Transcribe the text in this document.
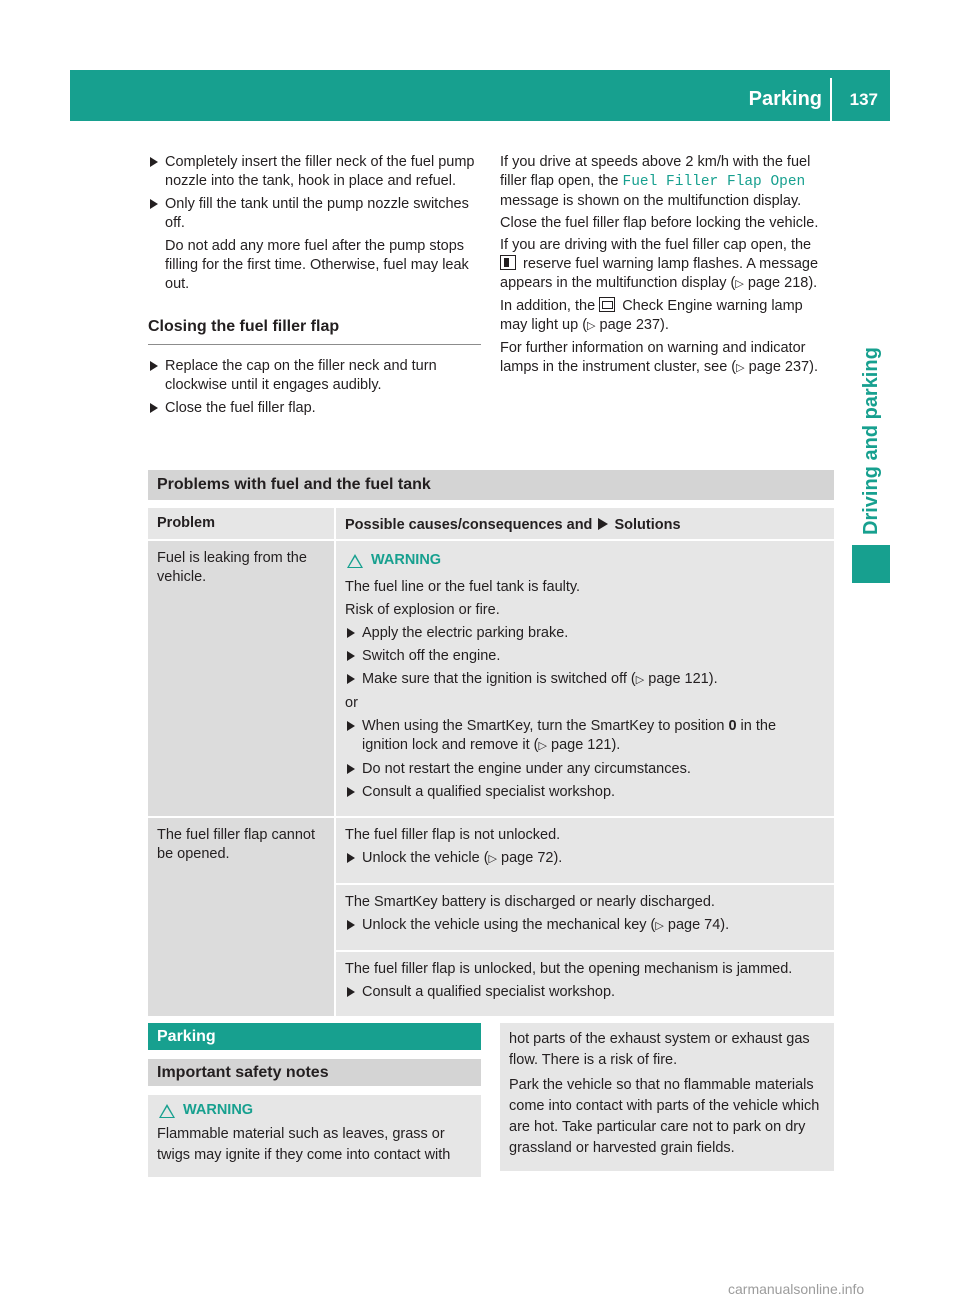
Parking 137
Driving and parking
Completely insert the filler neck of the fuel pump nozzle into the tank, hook in place and refuel.
Only fill the tank until the pump nozzle switches off.
Do not add any more fuel after the pump stops filling for the first time. Otherwise, fuel may leak out.
Closing the fuel filler flap
Replace the cap on the filler neck and turn clockwise until it engages audibly.
Close the fuel filler flap.
If you drive at speeds above 2 km/h with the fuel filler flap open, the Fuel Filler Flap Open message is shown on the multifunction display.
Close the fuel filler flap before locking the vehicle.
If you are driving with the fuel filler cap open, the  reserve fuel warning lamp flashes. A message appears in the multifunction display (▷ page 218).
In addition, the  Check Engine warning lamp may light up (▷ page 237).
For further information on warning and indicator lamps in the instrument cluster, see (▷ page 237).
Problems with fuel and the fuel tank
Problem	Possible causes/consequences and Solutions
Fuel is leaking from the vehicle.
WARNING
The fuel line or the fuel tank is faulty.
Risk of explosion or fire.
Apply the electric parking brake.
Switch off the engine.
Make sure that the ignition is switched off (▷ page 121).
or
When using the SmartKey, turn the SmartKey to position 0 in the ignition lock and remove it (▷ page 121).
Do not restart the engine under any circumstances.
Consult a qualified specialist workshop.
The fuel filler flap cannot be opened.
The fuel filler flap is not unlocked.
Unlock the vehicle (▷ page 72).
The SmartKey battery is discharged or nearly discharged.
Unlock the vehicle using the mechanical key (▷ page 74).
The fuel filler flap is unlocked, but the opening mechanism is jammed.
Consult a qualified specialist workshop.
Parking
Important safety notes
WARNING
Flammable material such as leaves, grass or twigs may ignite if they come into contact with
hot parts of the exhaust system or exhaust gas flow. There is a risk of fire.
Park the vehicle so that no flammable materials come into contact with parts of the vehicle which are hot. Take particular care not to park on dry grassland or harvested grain fields.
carmanualsonline.info
